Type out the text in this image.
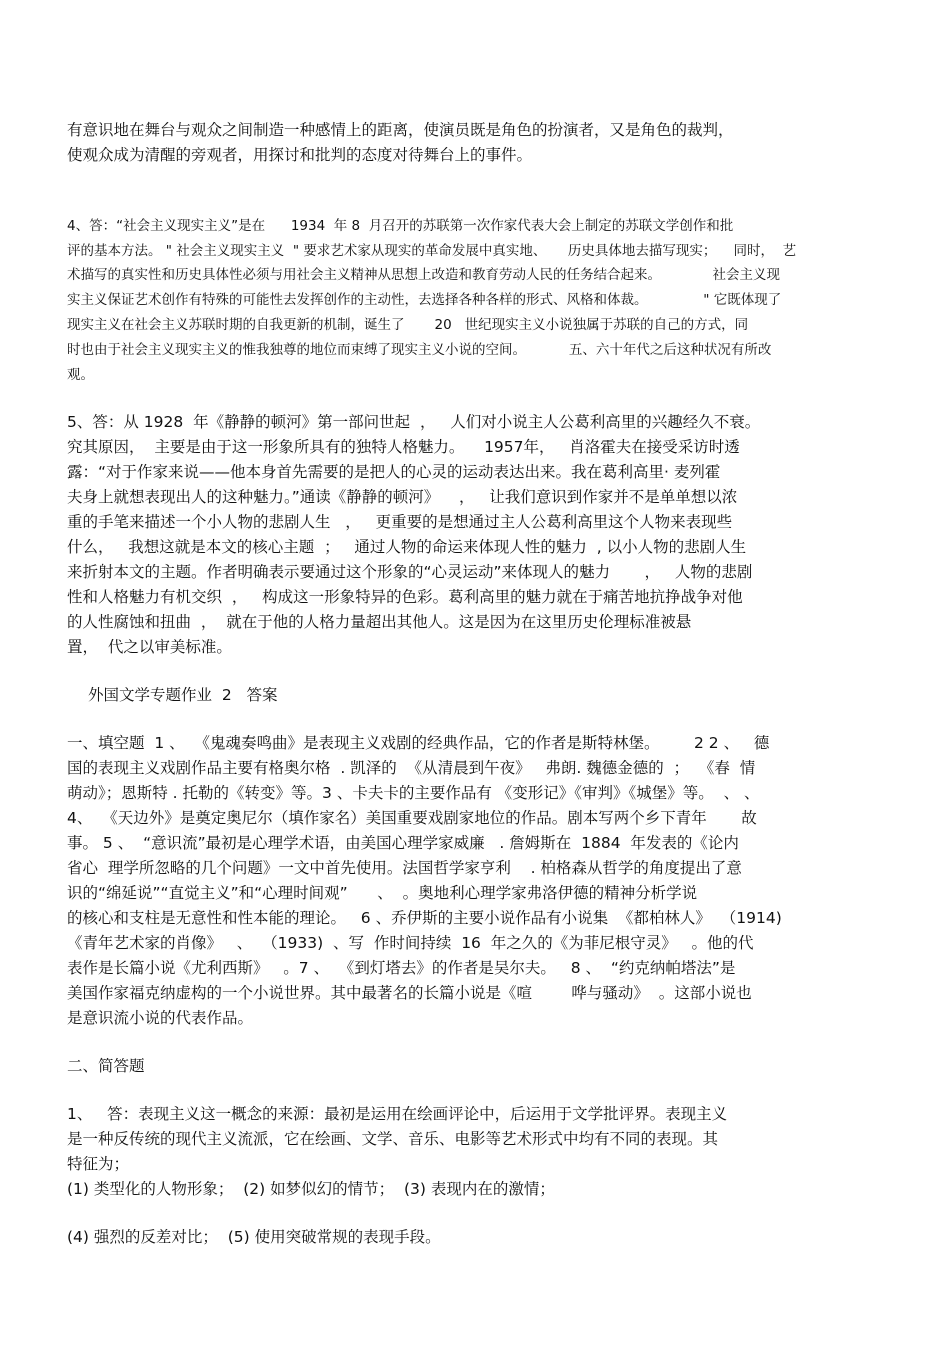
有意识地在舞台与观众之间制造一种感情上的距离，使演员既是角色的扮演者，又是角色的裁判，
使观众成为清醒的旁观者，用探讨和批判的态度对待舞台上的事件。
4、答：“社会主义现实主义”是在      1934  年 8  月召开的苏联第一次作家代表大会上制定的苏联文学创作和批
评的基本方法。 " 社会主义现实主义  " 要求艺术家从现实的革命发展中真实地、     历史具体地去描写现实；    同时，  艺
术描写的真实性和历史具体性必须与用社会主义精神从思想上改造和教育劳动人民的任务结合起来。            社会主义现
实主义保证艺术创作有特殊的可能性去发挥创作的主动性，去选择各种各样的形式、风格和体裁。             " 它既体现了
现实主义在社会主义苏联时期的自我更新的机制，诞生了       20   世纪现实主义小说独属于苏联的自己的方式，同
时也由于社会主义现实主义的惟我独尊的地位而束缚了现实主义小说的空间。          五、六十年代之后这种状况有所改
观。
5、答：从 1928  年《静静的顿河》第一部问世起  ，   人们对小说主人公葛利高里的兴趣经久不衰。
究其原因，  主要是由于这一形象所具有的独特人格魅力。    1957年，   肖洛霍夫在接受采访时透
露：“对于作家来说——他本身首先需要的是把人的心灵的运动表达出来。我在葛利高里· 麦列霍
夫身上就想表现出人的这种魅力。”通读《静静的顿河》    ，   让我们意识到作家并不是单单想以浓
重的手笔来描述一个小人物的悲剧人生   ，   更重要的是想通过主人公葛利高里这个人物来表现些
什么，   我想这就是本文的核心主题  ；   通过人物的命运来体现人性的魅力  , 以小人物的悲剧人生
来折射本文的主题。作者明确表示要通过这个形象的“心灵运动”来体现人的魅力       ，   人物的悲剧
性和人格魅力有机交织  ，   构成这一形象特异的色彩。葛利高里的魅力就在于痛苦地抗挣战争对他
的人性腐蚀和扭曲  ，  就在于他的人格力量超出其他人。这是因为在这里历史伦理标准被悬
置，  代之以审美标准。
外国文学专题作业  2   答案
一、填空题  1 、  《鬼魂奏鸣曲》是表现主义戏剧的经典作品，它的作者是斯特林堡。       2 2 、   德
国的表现主义戏剧作品主要有格奥尔格  . 凯泽的  《从清晨到午夜》   弗朗. 魏德金德的  ；  《春  情
萌动》；恩斯特 . 托勒的《转变》等。3 、卡夫卡的主要作品有 《变形记》《审判》《城堡》等。  、 、
4、  《天边外》是奠定奥尼尔（填作家名）美国重要戏剧家地位的作品。剧本写两个乡下青年       故
事。 5 、  “意识流”最初是心理学术语，由美国心理学家威廉   . 詹姆斯在  1884  年发表的《论内
省心  理学所忽略的几个问题》一文中首先使用。法国哲学家亨利    . 柏格森从哲学的角度提出了意
识的“绵延说”“直觉主义”和“心理时间观”      、  。奥地利心理学家弗洛伊德的精神分析学说
的核心和支柱是无意性和性本能的理论。   6 、乔伊斯的主要小说作品有小说集  《都柏林人》  （1914)
《青年艺术家的肖像》   、  （1933)  、写  作时间持续  16  年之久的《为菲尼根守灵》   。他的代
表作是长篇小说《尤利西斯》   。7 、  《到灯塔去》的作者是吴尔夫。   8 、  “约克纳帕塔法”是
美国作家福克纳虚构的一个小说世界。其中最著名的长篇小说是《喧        哗与骚动》  。这部小说也
是意识流小说的代表作品。
二、简答题
1、   答：表现主义这一概念的来源：最初是运用在绘画评论中，后运用于文学批评界。表现主义
是一种反传统的现代主义流派，它在绘画、文学、音乐、电影等艺术形式中均有不同的表现。其
特征为；
(1) 类型化的人物形象；  (2) 如梦似幻的情节；  (3) 表现内在的激情；
(4) 强烈的反差对比；  (5) 使用突破常规的表现手段。
